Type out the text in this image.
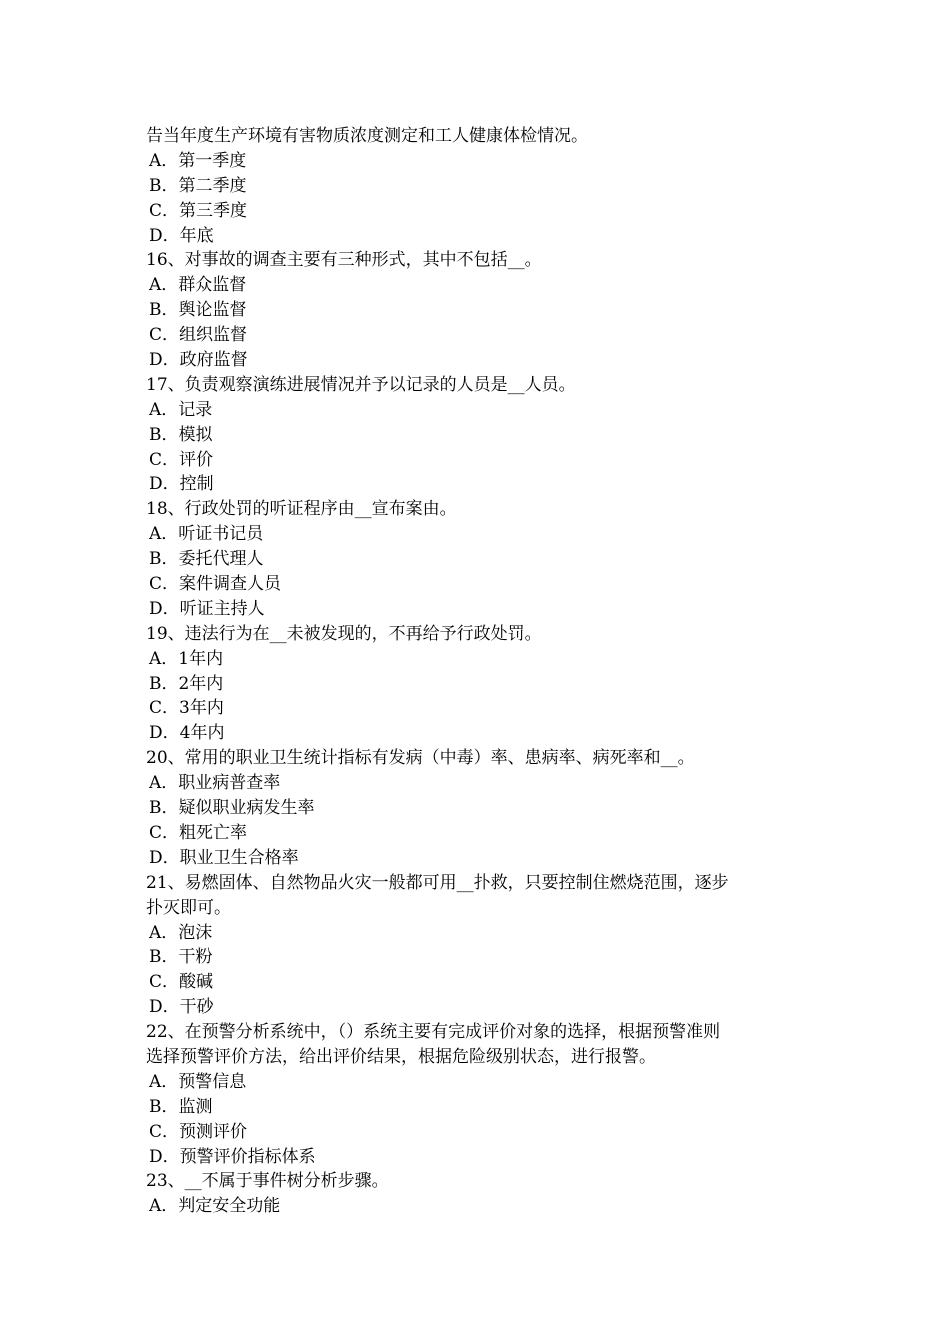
告当年度生产环境有害物质浓度测定和工人健康体检情况。
A．第一季度
B．第二季度
C．第三季度
D．年底
16、对事故的调查主要有三种形式，其中不包括__。
A．群众监督
B．舆论监督
C．组织监督
D．政府监督
17、负责观察演练进展情况并予以记录的人员是__人员。
A．记录
B．模拟
C．评价
D．控制
18、行政处罚的听证程序由__宣布案由。
A．听证书记员
B．委托代理人
C．案件调查人员
D．听证主持人
19、违法行为在__未被发现的，不再给予行政处罚。
A．1年内
B．2年内
C．3年内
D．4年内
20、常用的职业卫生统计指标有发病（中毒）率、患病率、病死率和__。
A．职业病普查率
B．疑似职业病发生率
C．粗死亡率
D．职业卫生合格率
21、易燃固体、自然物品火灾一般都可用__扑救，只要控制住燃烧范围，逐步
扑灭即可。
A．泡沫
B．干粉
C．酸碱
D．干砂
22、在预警分析系统中，（）系统主要有完成评价对象的选择，根据预警准则
选择预警评价方法，给出评价结果，根据危险级别状态，进行报警。
A．预警信息
B．监测
C．预测评价
D．预警评价指标体系
23、__不属于事件树分析步骤。
A．判定安全功能
